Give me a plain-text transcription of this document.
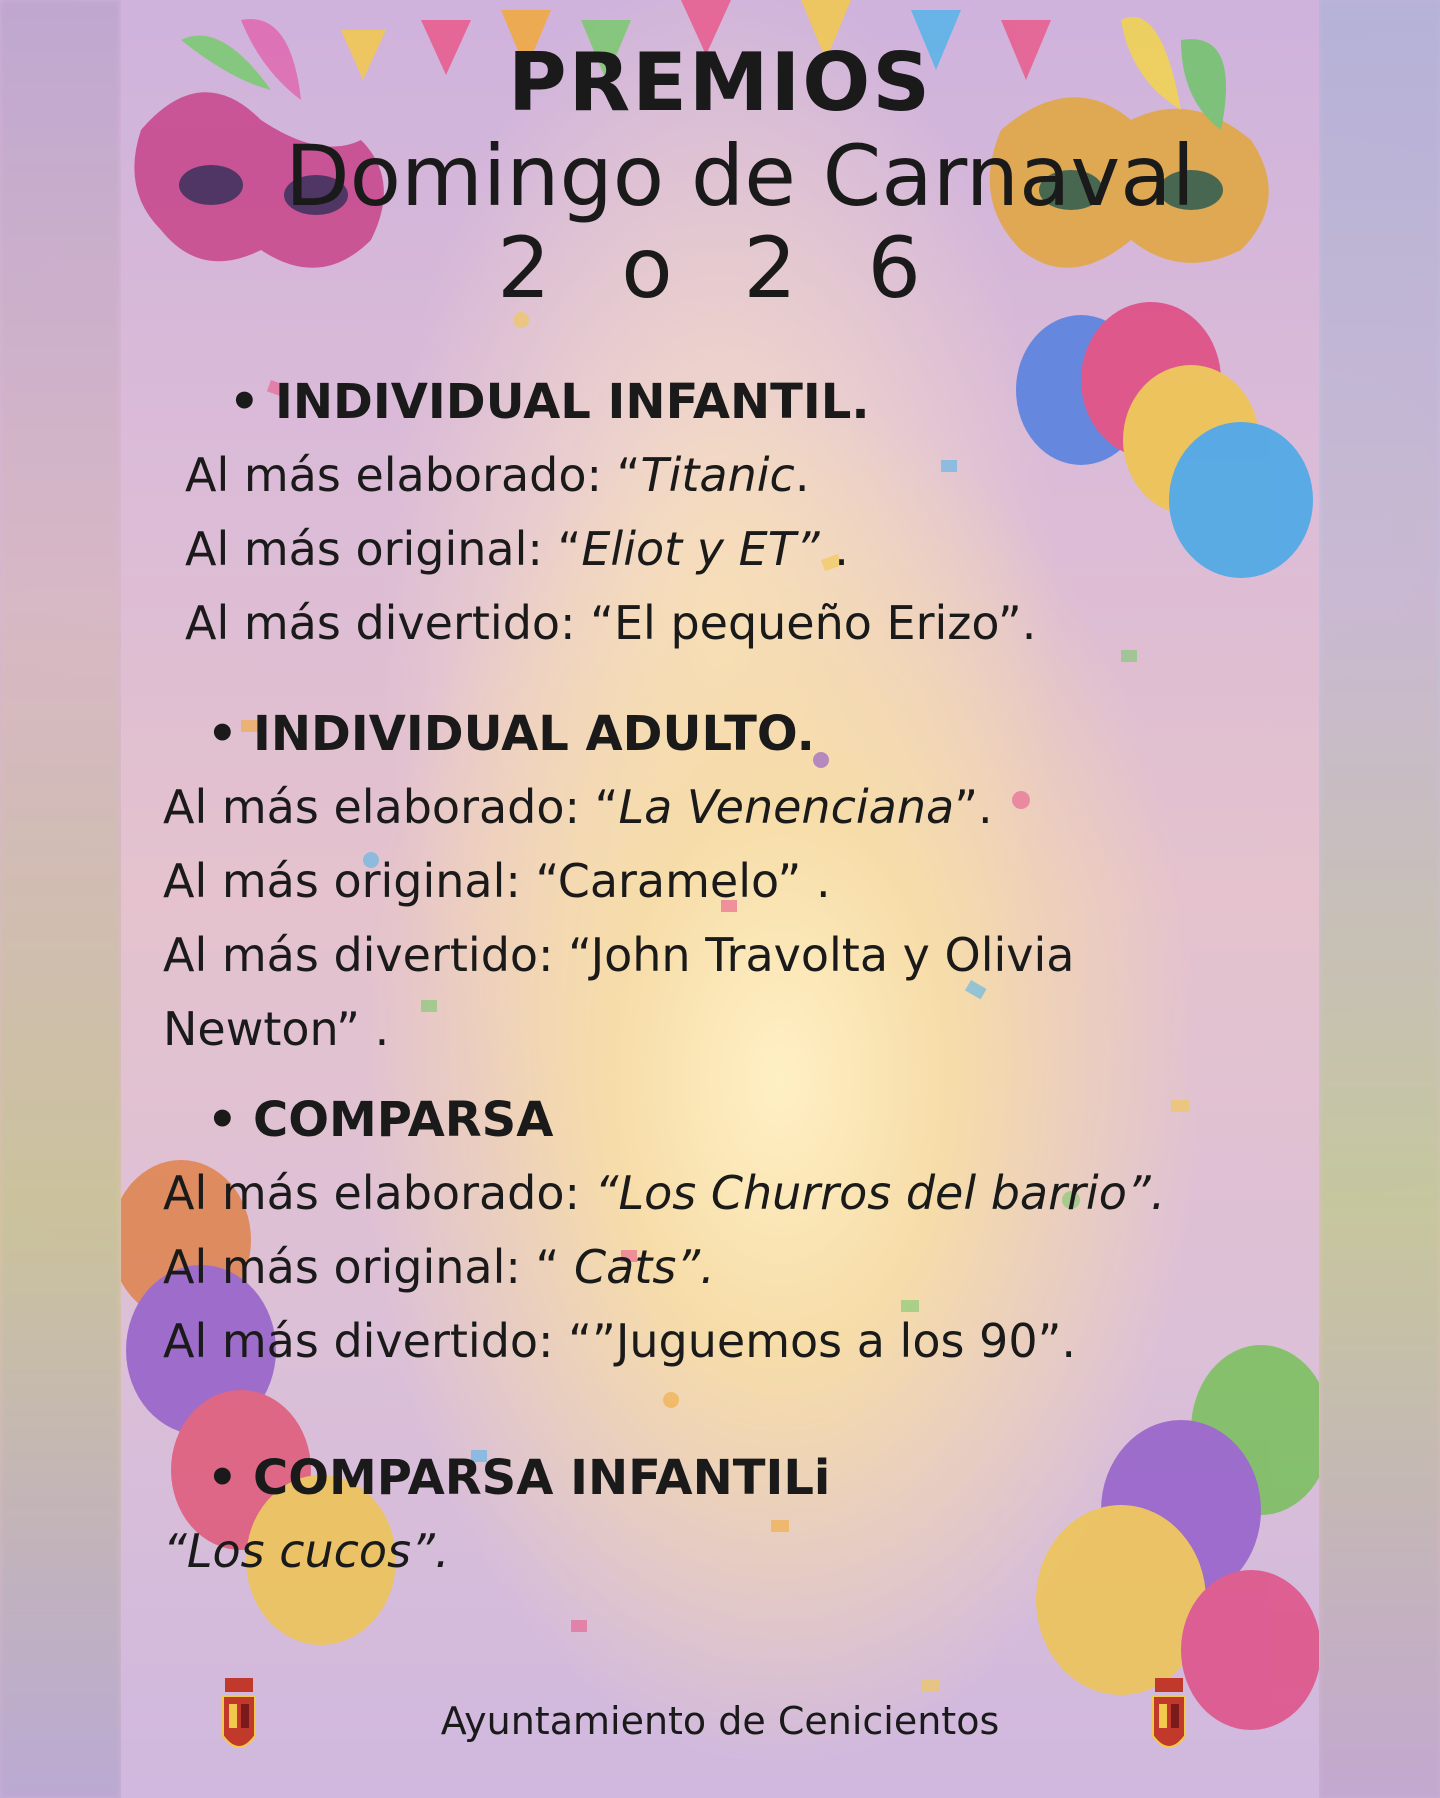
PREMIOS
Domingo de Carnaval
2 o 2 6
• INDIVIDUAL INFANTIL.
Al más elaborado: “Titanic.
Al más original: “Eliot y ET” .
Al más divertido: “El pequeño Erizo”.
• INDIVIDUAL ADULTO.
Al más elaborado: “La Venenciana”.
Al más original: “Caramelo” .
Al más divertido: “John Travolta y Olivia
Newton” .
• COMPARSA
Al más elaborado: “Los Churros del barrio”.
Al más original: “ Cats”.
Al más divertido: “”Juguemos a los 90”.
• COMPARSA INFANTILi
“Los cucos”.
Ayuntamiento de Cenicientos
